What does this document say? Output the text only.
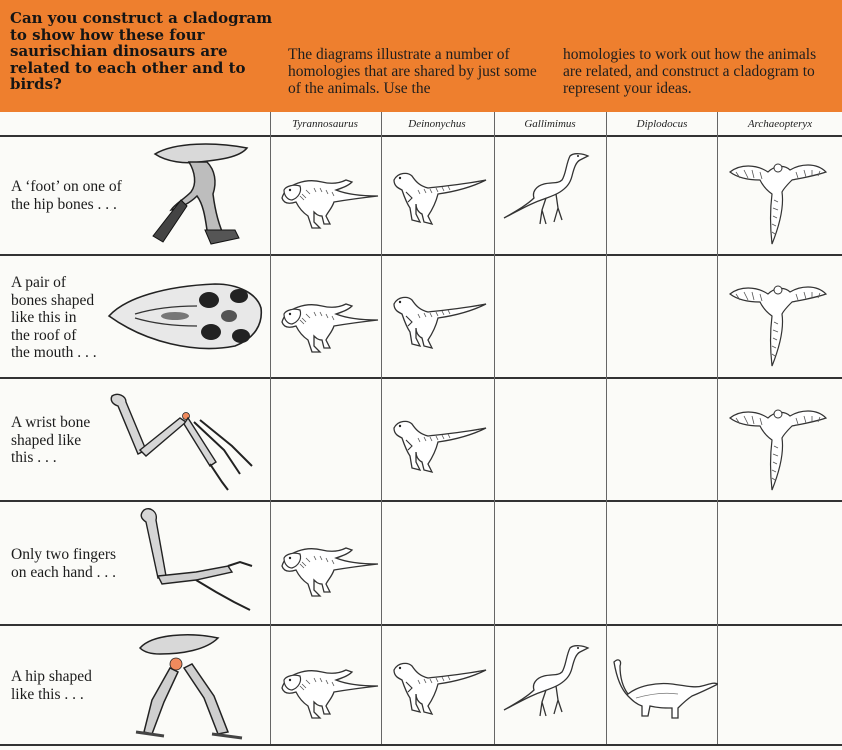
Can you construct a cladogram to show how these four saurischian dinosaurs are related to each other and to birds?
The diagrams illustrate a number of homologies that are shared by just some of the animals. Use the
homologies to work out how the animals are related, and construct a cladogram to represent your ideas.
Tyrannosaurus	Deinonychus	Gallimimus	Diplodocus	Archaeopteryx
A ‘foot’ on one of
the hip bones . . .
A pair of
bones shaped
like this in
the roof of
the mouth . . .
A wrist bone
shaped like
this . . .
Only two fingers
on each hand . . .
A hip shaped
like this . . .
